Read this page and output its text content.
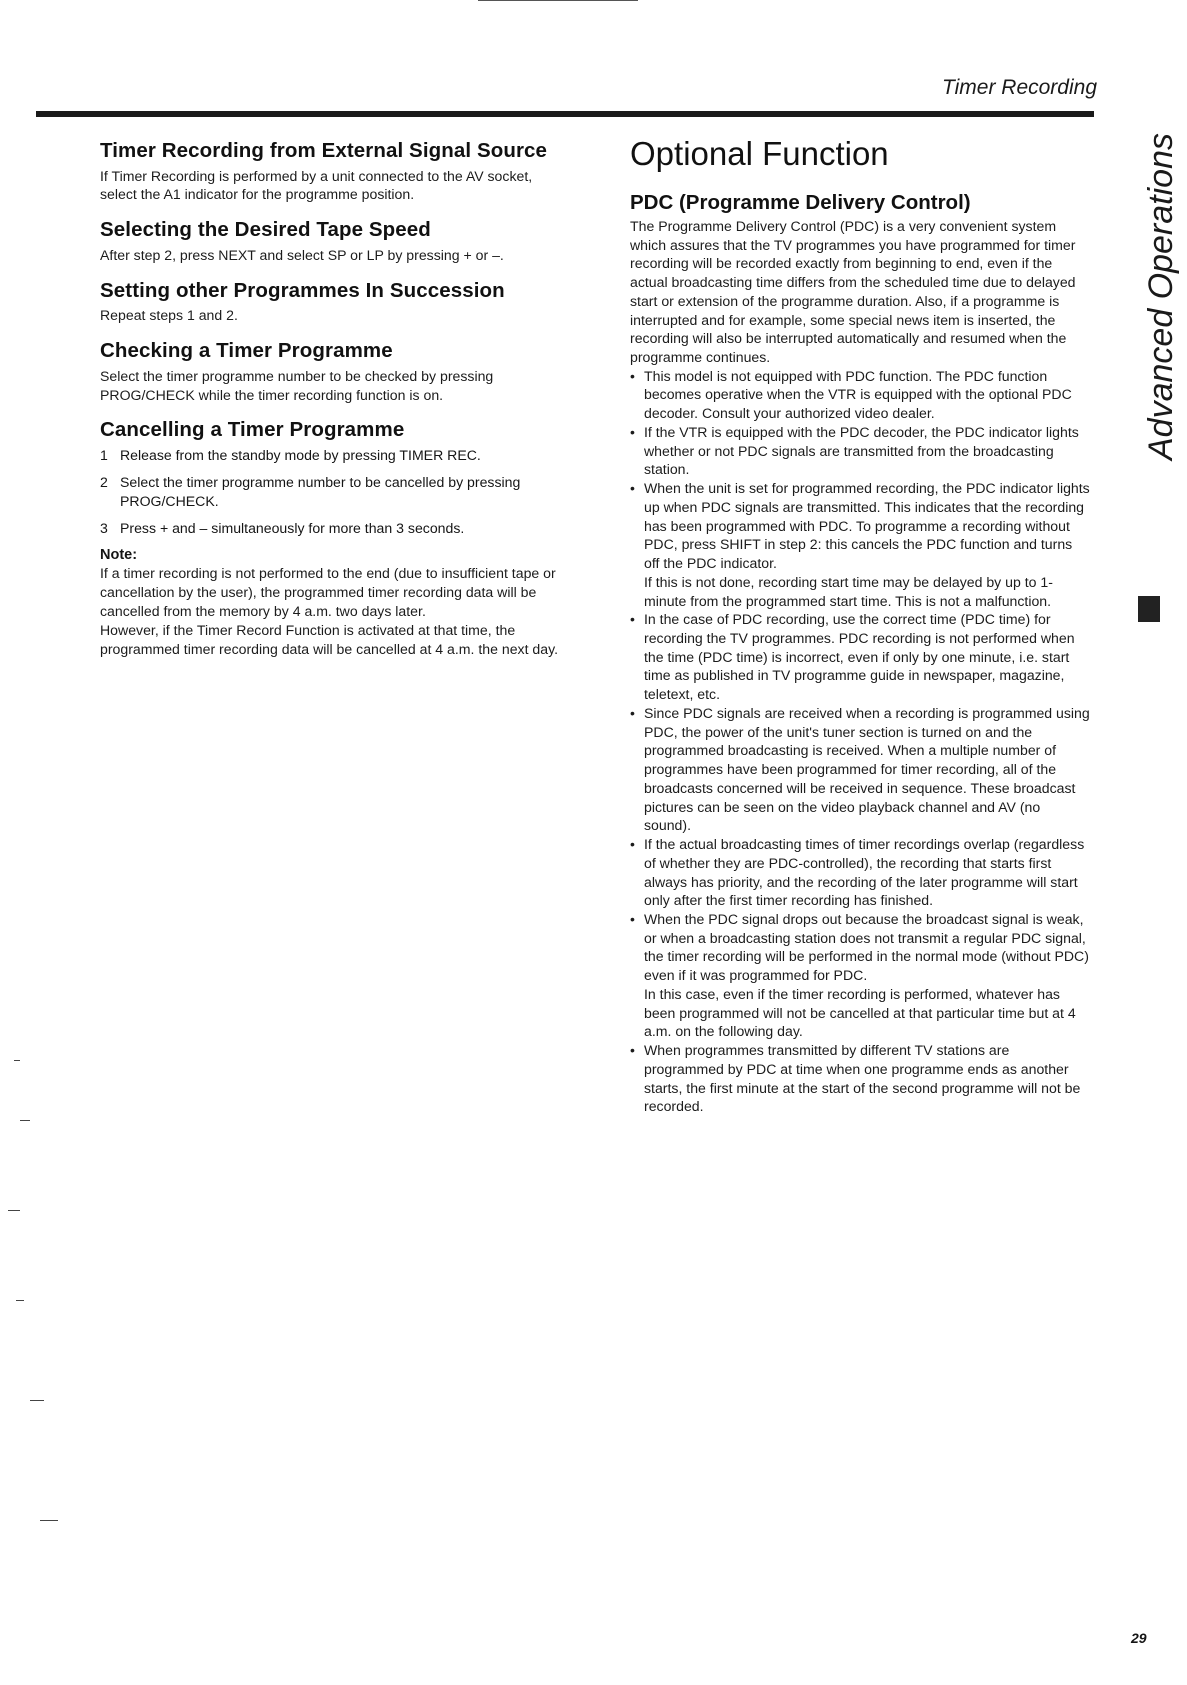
Timer Recording
Timer Recording from External Signal Source

If Timer Recording is performed by a unit connected to the AV socket, select the A1 indicator for the programme position.

Selecting the Desired Tape Speed

After step 2, press NEXT and select SP or LP by pressing + or –.

Setting other Programmes In Succession

Repeat steps 1 and 2.

Checking a Timer Programme

Select the timer programme number to be checked by pressing PROG/CHECK while the timer recording function is on.

Cancelling a Timer Programme
1 Release from the standby mode by pressing TIMER REC.
2 Select the timer programme number to be cancelled by pressing PROG/CHECK.
3 Press + and – simultaneously for more than 3 seconds.
Note:

If a timer recording is not performed to the end (due to insufficient tape or cancellation by the user), the programmed timer recording data will be cancelled from the memory by 4 a.m. two days later.

However, if the Timer Record Function is activated at that time, the programmed timer recording data will be cancelled at 4 a.m. the next day.

Optional Function
PDC (Programme Delivery Control)

The Programme Delivery Control (PDC) is a very convenient system which assures that the TV programmes you have programmed for timer recording will be recorded exactly from beginning to end, even if the actual broadcasting time differs from the scheduled time due to delayed start or extension of the programme duration. Also, if a programme is interrupted and for example, some special news item is inserted, the recording will also be interrupted automatically and resumed when the programme continues.

• This model is not equipped with PDC function. The PDC function becomes operative when the VTR is equipped with the optional PDC decoder. Consult your authorized video dealer.
• If the VTR is equipped with the PDC decoder, the PDC indicator lights whether or not PDC signals are transmitted from the broadcasting station.
• When the unit is set for programmed recording, the PDC indicator lights up when PDC signals are transmitted. This indicates that the recording has been programmed with PDC. To programme a recording without PDC, press SHIFT in step 2: this cancels the PDC function and turns off the PDC indicator.
If this is not done, recording start time may be delayed by up to 1-minute from the programmed start time. This is not a malfunction.
• In the case of PDC recording, use the correct time (PDC time) for recording the TV programmes. PDC recording is not performed when the time (PDC time) is incorrect, even if only by one minute, i.e. start time as published in TV programme guide in newspaper, magazine, teletext, etc.
• Since PDC signals are received when a recording is programmed using PDC, the power of the unit's tuner section is turned on and the programmed broadcasting is received. When a multiple number of programmes have been programmed for timer recording, all of the broadcasts concerned will be received in sequence. These broadcast pictures can be seen on the video playback channel and AV (no sound).
• If the actual broadcasting times of timer recordings overlap (regardless of whether they are PDC-controlled), the recording that starts first always has priority, and the recording of the later programme will start only after the first timer recording has finished.
• When the PDC signal drops out because the broadcast signal is weak, or when a broadcasting station does not transmit a regular PDC signal, the timer recording will be performed in the normal mode (without PDC) even if it was programmed for PDC.
In this case, even if the timer recording is performed, whatever has been programmed will not be cancelled at that particular time but at 4 a.m. on the following day.
• When programmes transmitted by different TV stations are programmed by PDC at time when one programme ends as another starts, the first minute at the start of the second programme will not be recorded.
Advanced Operations
29
